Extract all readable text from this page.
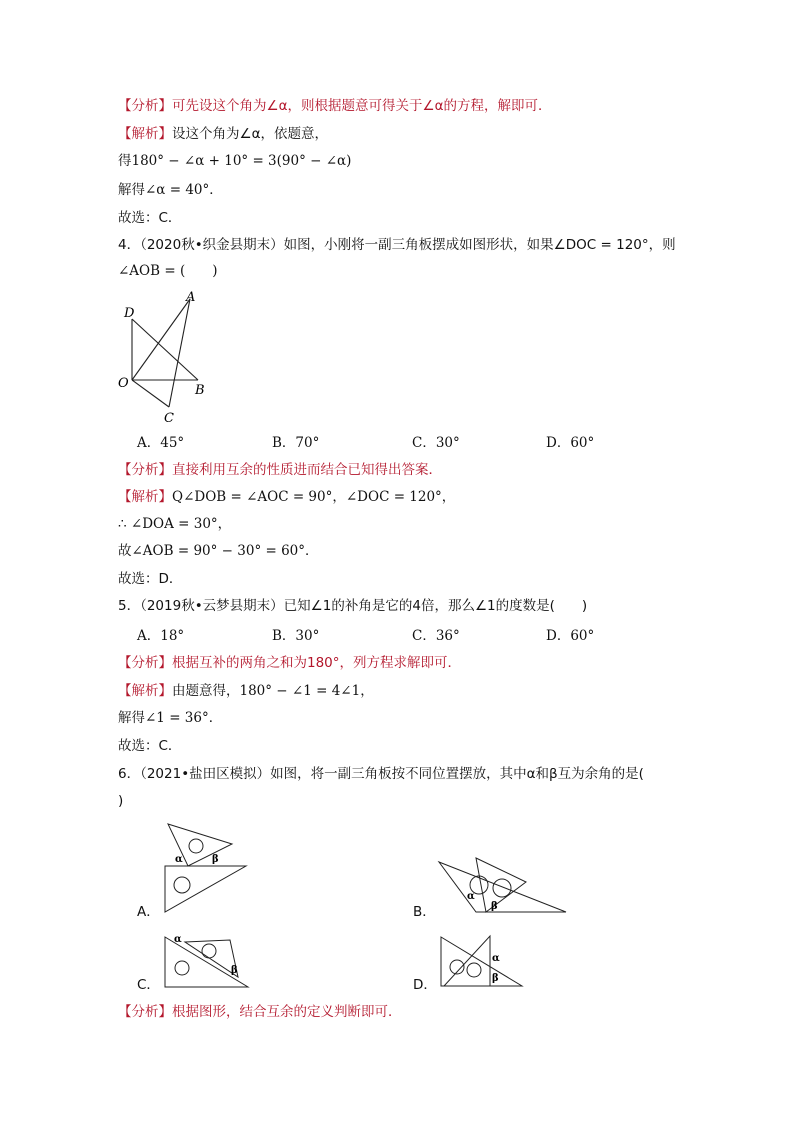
【分析】可先设这个角为∠α，则根据题意可得关于∠α的方程，解即可．
【解析】设这个角为∠α，依题意，
得180° − ∠α + 10° = 3(90° − ∠α)
解得∠α = 40°．
故选：C．
4．（2020秋•织金县期末）如图，小刚将一副三角板摆成如图形状，如果∠DOC = 120°，则
∠AOB = (　　)
A
D
O	B
C
A．45°	B．70°	C．30°	D．60°
【分析】直接利用互余的性质进而结合已知得出答案．
【解析】Q∠DOB = ∠AOC = 90°，∠DOC = 120°，
∴ ∠DOA = 30°，
故∠AOB = 90° − 30° = 60°．
故选：D．
5．（2019秋•云梦县期末）已知∠1的补角是它的4倍，那么∠1的度数是(　　)
A．18°	B．30°	C．36°	D．60°
【分析】根据互补的两角之和为180°，列方程求解即可．
【解析】由题意得，180° − ∠1 = 4∠1，
解得∠1 = 36°．
故选：C．
6．（2021•盐田区模拟）如图，将一副三角板按不同位置摆放，其中α和β互为余角的是(
)
α	β
A．
α
β
B．
α
β
C．
α
β
D．
【分析】根据图形，结合互余的定义判断即可．
